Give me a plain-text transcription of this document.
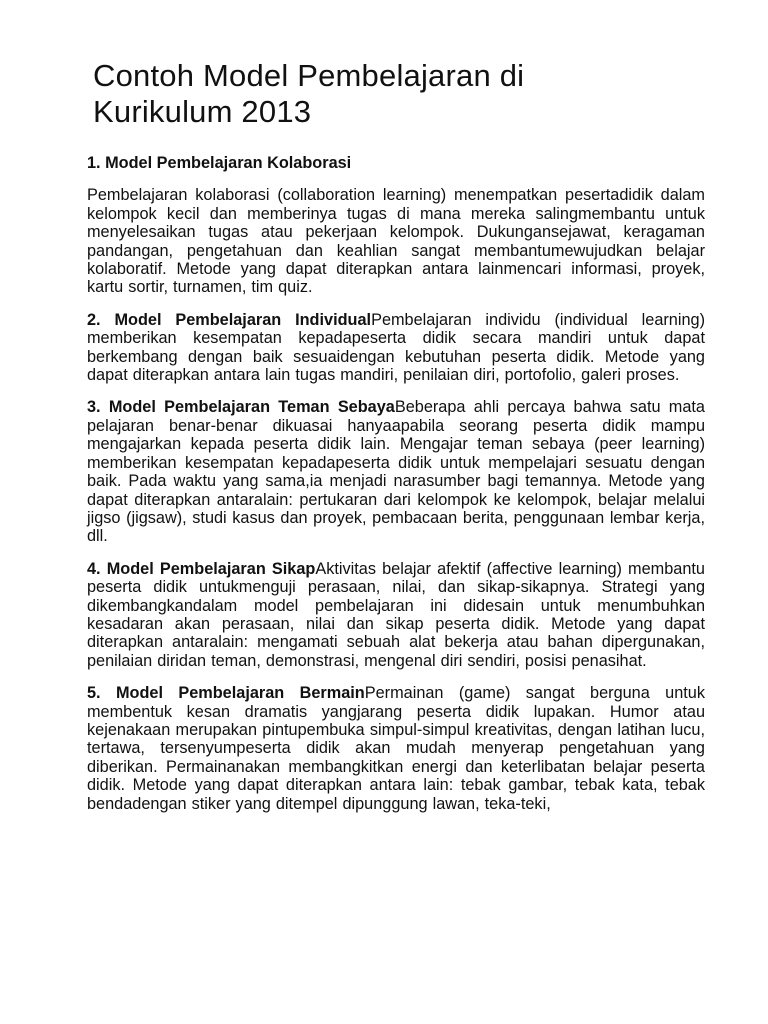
Contoh Model Pembelajaran di
Kurikulum 2013
1. Model Pembelajaran Kolaborasi

Pembelajaran kolaborasi (collaboration learning) menempatkan pesertadidik dalam kelompok kecil dan memberinya tugas di mana mereka salingmembantu untuk menyelesaikan tugas atau pekerjaan kelompok. Dukungansejawat, keragaman pandangan, pengetahuan dan keahlian sangat membantumewujudkan belajar kolaboratif. Metode yang dapat diterapkan antara lainmencari informasi, proyek, kartu sortir, turnamen, tim quiz.

2. Model Pembelajaran IndividualPembelajaran individu (individual learning) memberikan kesempatan kepadapeserta didik secara mandiri untuk dapat berkembang dengan baik sesuaidengan kebutuhan peserta didik. Metode yang dapat diterapkan antara lain tugas mandiri, penilaian diri, portofolio, galeri proses.

3. Model Pembelajaran Teman SebayaBeberapa ahli percaya bahwa satu mata pelajaran benar-benar dikuasai hanyaapabila seorang peserta didik mampu mengajarkan kepada peserta didik lain. Mengajar teman sebaya (peer learning) memberikan kesempatan kepadapeserta didik untuk mempelajari sesuatu dengan baik. Pada waktu yang sama,ia menjadi narasumber bagi temannya. Metode yang dapat diterapkan antaralain: pertukaran dari kelompok ke kelompok, belajar melalui jigso (jigsaw), studi kasus dan proyek, pembacaan berita, penggunaan lembar kerja, dll.

4. Model Pembelajaran SikapAktivitas belajar afektif (affective learning) membantu peserta didik untukmenguji perasaan, nilai, dan sikap-sikapnya. Strategi yang dikembangkandalam model pembelajaran ini didesain untuk menumbuhkan kesadaran akan perasaan, nilai dan sikap peserta didik. Metode yang dapat diterapkan antaralain: mengamati sebuah alat bekerja atau bahan dipergunakan, penilaian diridan teman, demonstrasi, mengenal diri sendiri, posisi penasihat.

5. Model Pembelajaran BermainPermainan (game) sangat berguna untuk membentuk kesan dramatis yangjarang peserta didik lupakan. Humor atau kejenakaan merupakan pintupembuka simpul-simpul kreativitas, dengan latihan lucu, tertawa, tersenyumpeserta didik akan mudah menyerap pengetahuan yang diberikan. Permainanakan membangkitkan energi dan keterlibatan belajar peserta didik. Metode yang dapat diterapkan antara lain: tebak gambar, tebak kata, tebak bendadengan stiker yang ditempel dipunggung lawan, teka-teki,
